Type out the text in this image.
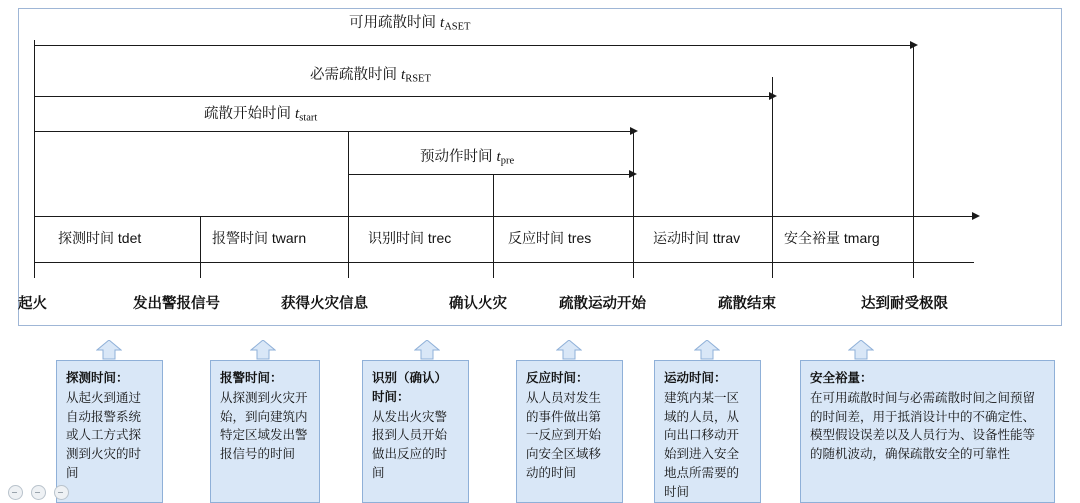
可用疏散时间 $t_{ASET}$
必需疏散时间 $t_{RSET}$
疏散开始时间 $t_{start}$
预动作时间 $t_{pre}$
探测时间 tdet	报警时间 twarn	识别时间 trec	反应时间 tres	运动时间 ttrav	安全裕量 tmarg
起火	发出警报信号	获得火灾信息	确认火灾	疏散运动开始	疏散结束	达到耐受极限
探测时间：
从起火到通过自动报警系统或人工方式探测到火灾的时间
报警时间：
从探测到火灾开始，到向建筑内特定区域发出警报信号的时间
识别（确认）时间：
从发出火灾警报到人员开始做出反应的时间
反应时间：
从人员对发生的事件做出第一反应到开始向安全区域移动的时间
运动时间：
建筑内某一区域的人员，从向出口移动开始到进入安全地点所需要的时间
安全裕量：
在可用疏散时间与必需疏散时间之间预留的时间差，用于抵消设计中的不确定性、模型假设误差以及人员行为、设备性能等的随机波动，确保疏散安全的可靠性
